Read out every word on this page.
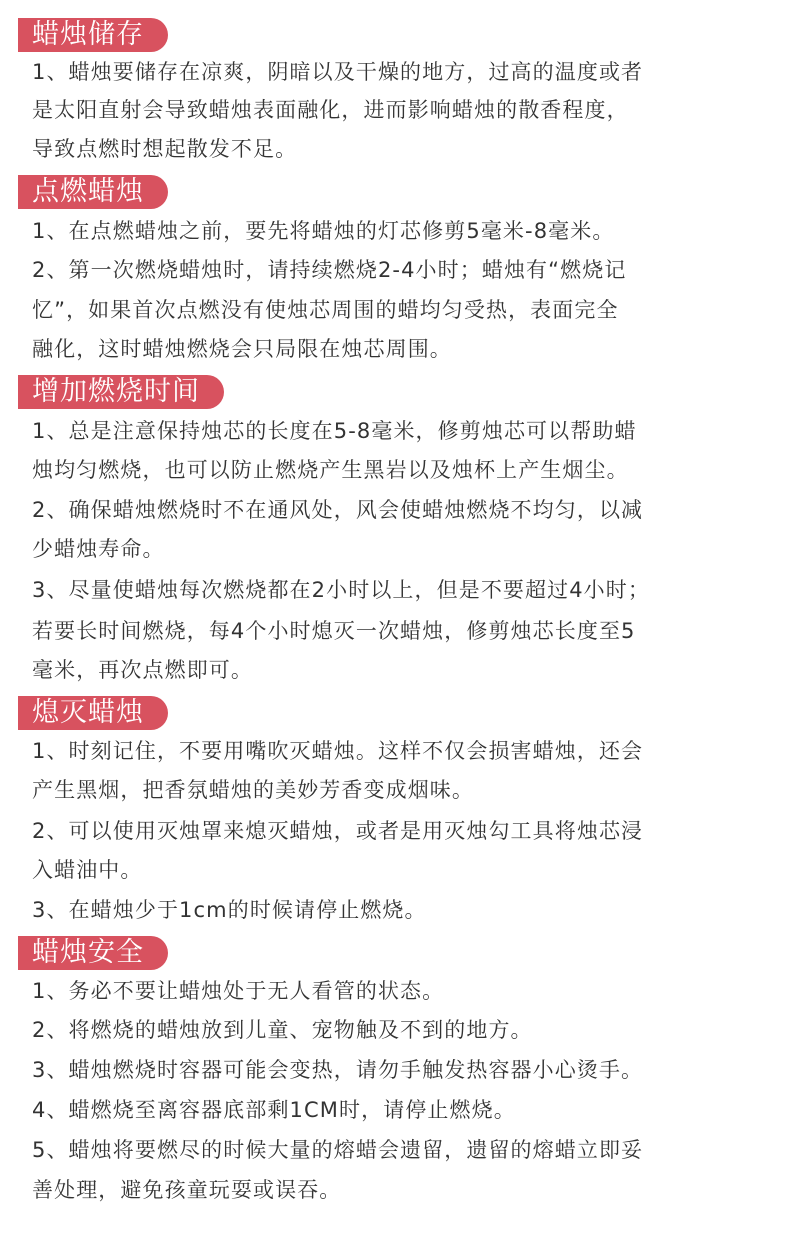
蜡烛储存
1、蜡烛要储存在凉爽，阴暗以及干燥的地方，过高的温度或者
是太阳直射会导致蜡烛表面融化，进而影响蜡烛的散香程度，
导致点燃时想起散发不足。
点燃蜡烛
1、在点燃蜡烛之前，要先将蜡烛的灯芯修剪5毫米-8毫米。
2、第一次燃烧蜡烛时，请持续燃烧2-4小时；蜡烛有“燃烧记
忆”，如果首次点燃没有使烛芯周围的蜡均匀受热，表面完全
融化，这时蜡烛燃烧会只局限在烛芯周围。
增加燃烧时间
1、总是注意保持烛芯的长度在5-8毫米，修剪烛芯可以帮助蜡
烛均匀燃烧，也可以防止燃烧产生黑岩以及烛杯上产生烟尘。
2、确保蜡烛燃烧时不在通风处，风会使蜡烛燃烧不均匀，以减
少蜡烛寿命。
3、尽量使蜡烛每次燃烧都在2小时以上，但是不要超过4小时；
若要长时间燃烧，每4个小时熄灭一次蜡烛，修剪烛芯长度至5
毫米，再次点燃即可。
熄灭蜡烛
1、时刻记住，不要用嘴吹灭蜡烛。这样不仅会损害蜡烛，还会
产生黑烟，把香氛蜡烛的美妙芳香变成烟味。
2、可以使用灭烛罩来熄灭蜡烛，或者是用灭烛勾工具将烛芯浸
入蜡油中。
3、在蜡烛少于1cm的时候请停止燃烧。
蜡烛安全
1、务必不要让蜡烛处于无人看管的状态。
2、将燃烧的蜡烛放到儿童、宠物触及不到的地方。
3、蜡烛燃烧时容器可能会变热，请勿手触发热容器小心烫手。
4、蜡燃烧至离容器底部剩1CM时，请停止燃烧。
5、蜡烛将要燃尽的时候大量的熔蜡会遗留，遗留的熔蜡立即妥
善处理，避免孩童玩耍或误吞。
